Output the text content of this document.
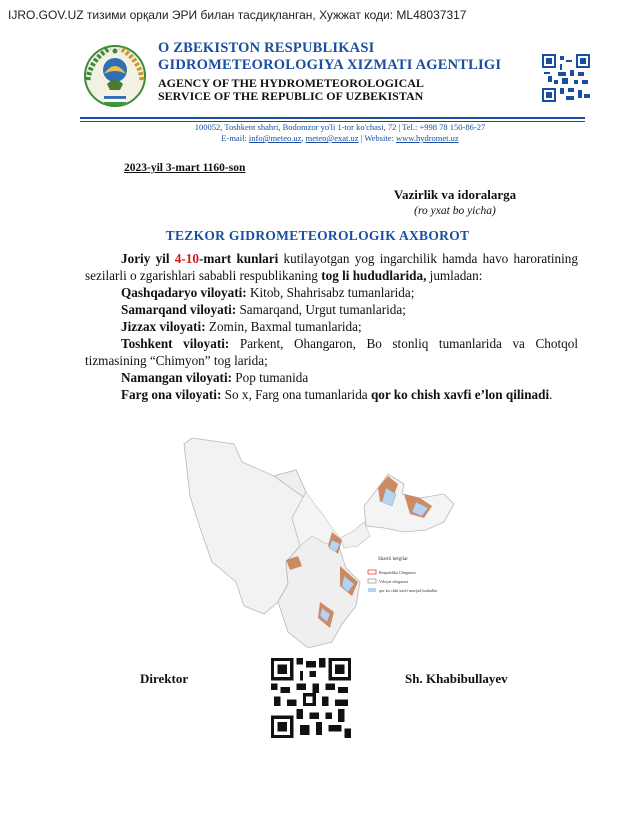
IJRO.GOV.UZ тизими орқали ЭРИ билан тасдиқланган, Хужжат коди: ML48037317
O ZBEKISTON RESPUBLIKASI
GIDROMETEOROLOGIYA XIZMATI AGENTLIGI
AGENCY OF THE HYDROMETEOROLOGICAL
SERVICE OF THE REPUBLIC OF UZBEKISTAN
100052, Toshkent shahri, Bodomzor yo'li 1-tor ko'chasi, 72 | Tel.: +998 78 150-86-27
E-mail: info@meteo.uz, meteo@exat.uz | Website: www.hydromet.uz
2023-yil 3-mart 1160-son
Vazirlik va idoralarga
(ro yxat bo yicha)
TEZKOR GIDROMETEOROLOGIK AXBOROT

Joriy yil 4-10-mart kunlari kutilayotgan yog ingarchilik hamda havo haroratining sezilarli o zgarishlari sababli respublikaning tog li hududlarida, jumladan:

Qashqadaryo viloyati: Kitob, Shahrisabz tumanlarida;

Samarqand viloyati: Samarqand, Urgut tumanlarida;

Jizzax viloyati: Zomin, Baxmal tumanlarida;

Toshkent viloyati: Parkent, Ohangaron, Bo stonliq tumanlarida va Chotqol tizmasining “Chimyon” tog larida;

Namangan viloyati: Pop tumanida

Farg ona viloyati: So x, Farg ona tumanlarida qor ko chish xavfi e’lon qilinadi.

Shartli belgilar
Respublika Chegarasi
Viloyat chegarasi
qor ko chki xavfi mavjud hududlar
Direktor	Sh. Khabibullayev
